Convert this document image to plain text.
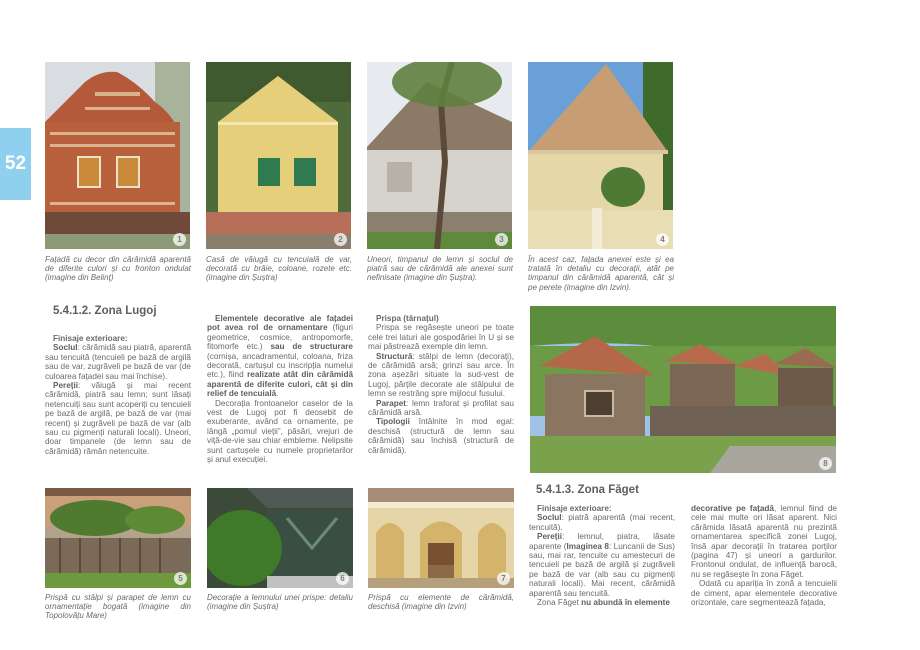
52
1	2	3	4
Fațadă cu decor din cărămidă aparentă de diferite culori și cu fronton ondulat (imagine din Belinț)
Casă de văiugă cu tencuială de var, decorată cu brâie, coloane, rozete etc. (imagine din Șuștra)
Uneori, timpanul de lemn și soclul de piatră sau de cărămidă ale anexei sunt nefinisate (imagine din Șuștra).
În acest caz, fațada anexei este și ea tratată în detaliu cu decorații, atât pe timpanul din cărămidă aparentă, cât și pe perete (imagine din Izvin).
5.4.1.2. Zona Lugoj

Finisaje exterioare:

Soclul: cărămidă sau piatră, aparentă sau tencuită (tencuieli pe bază de argilă sau de var, zugrăveli pe bază de var (de culoarea fațadei sau mai închise).

Pereții: văiugă și mai recent cărămidă, piatră sau lemn; sunt lăsați netencuiți sau sunt acoperiți cu tencuieli pe bază de argilă, pe bază de var (mai recent) și zugrăveli pe bază de var (alb sau cu pigmenți naturali locali). Uneori, doar timpanele (de lemn sau de cărămidă) rămân netencuite.

Elementele decorative ale fațadei pot avea rol de ornamentare (figuri geometrice, cosmice, antropomorfe, fitomorfe etc.) sau de structurare (cornișa, ancadramentul, coloana, friza decorată, cartușul cu inscripția numelui etc.), fiind realizate atât din cărămidă aparentă de diferite culori, cât și din relief de tencuială.

Decorația frontoanelor caselor de la vest de Lugoj pot fi deosebit de exuberante, având ca ornamente, pe lângă „pomul vieții”, păsări, vrejuri de viță-de-vie sau chiar embleme. Nelipsite sunt cartușele cu numele proprietarilor și anul execuției.

Prispa (târnațul)

Prispa se regăsește uneori pe toate cele trei laturi ale gospodăriei în U și se mai păstrează exemple din lemn.

Structură: stâlpi de lemn (decorați), de cărămidă arsă; grinzi sau arce. În zona așezări situate la sud-vest de Lugoj, părțile decorate ale stâlpului de lemn se restrâng spre mijlocul fusului.

Parapet: lemn traforat și profilat sau cărămidă arsă.

Tipologii întâlnite în mod egal: deschisă (structură de lemn sau cărămidă) sau închisă (structură de cărămidă).

8
5	6	7
Prispă cu stâlpi și parapet de lemn cu ornamentație bogată (imagine din Topolovățu Mare)
Decorație a lemnului unei prispe: detaliu (imagine din Șuștra)
Prispă cu elemente de cărămidă, deschisă (imagine din Izvin)
5.4.1.3. Zona Făget

Finisaje exterioare:

Soclul: piatră aparentă (mai recent, tencuită).

Pereții: lemnul, piatra, lăsate aparente (Imaginea 8: Luncanii de Sus) sau, mai rar, tencuite cu amestecuri de tencuieli pe bază de argilă și zugrăveli pe bază de var (alb sau cu pigmenți naturali locali). Mai recent, cărămidă aparentă sau tencuită.

Zona Făget nu abundă în elemente

decorative pe fațadă, lemnul fiind de cele mai multe ori lăsat aparent. Nici cărămida lăsată aparentă nu prezintă ornamentarea specifică zonei Lugoj, însă apar decorații în tratarea porților (pagina 47) și uneori a gardurilor. Frontonul ondulat, de influență barocă, nu se regăsește în zona Făget.

Odată cu apariția în zonă a tencuielii de ciment, apar elementele decorative orizontale, care segmentează fațada,
